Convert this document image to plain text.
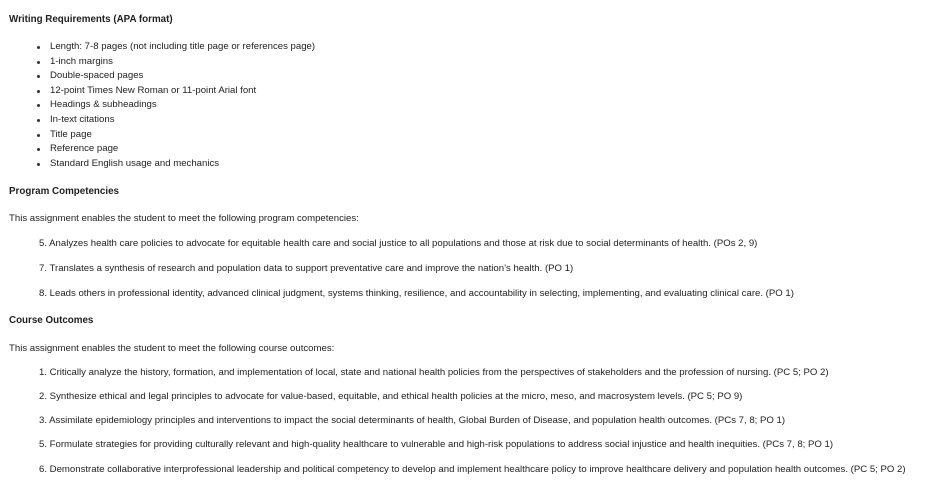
Writing Requirements (APA format)
Length: 7-8 pages (not including title page or references page)
1-inch margins
Double-spaced pages
12-point Times New Roman or 11-point Arial font
Headings & subheadings
In-text citations
Title page
Reference page
Standard English usage and mechanics
Program Competencies
This assignment enables the student to meet the following program competencies:
5. Analyzes health care policies to advocate for equitable health care and social justice to all populations and those at risk due to social determinants of health. (POs 2, 9)
7. Translates a synthesis of research and population data to support preventative care and improve the nation’s health. (PO 1)
8. Leads others in professional identity, advanced clinical judgment, systems thinking, resilience, and accountability in selecting, implementing, and evaluating clinical care. (PO 1)
Course Outcomes
This assignment enables the student to meet the following course outcomes:
1. Critically analyze the history, formation, and implementation of local, state and national health policies from the perspectives of stakeholders and the profession of nursing. (PC 5; PO 2)
2. Synthesize ethical and legal principles to advocate for value-based, equitable, and ethical health policies at the micro, meso, and macrosystem levels. (PC 5; PO 9)
3. Assimilate epidemiology principles and interventions to impact the social determinants of health, Global Burden of Disease, and population health outcomes. (PCs 7, 8; PO 1)
5. Formulate strategies for providing culturally relevant and high-quality healthcare to vulnerable and high-risk populations to address social injustice and health inequities. (PCs 7, 8; PO 1)
6. Demonstrate collaborative interprofessional leadership and political competency to develop and implement healthcare policy to improve healthcare delivery and population health outcomes. (PC 5; PO 2)
